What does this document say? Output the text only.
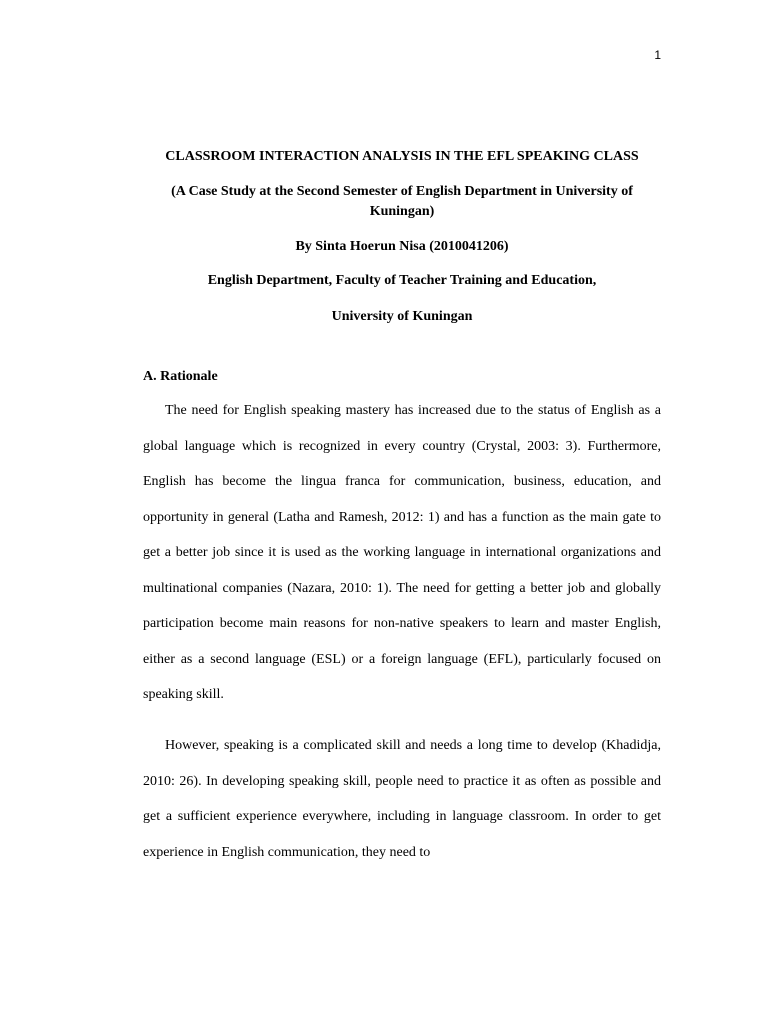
1

CLASSROOM INTERACTION ANALYSIS IN THE EFL SPEAKING CLASS

(A Case Study at the Second Semester of English Department in University of Kuningan)

By Sinta Hoerun Nisa (2010041206)

English Department, Faculty of Teacher Training and Education,

University of Kuningan

A. Rationale

The need for English speaking mastery has increased due to the status of English as a global language which is recognized in every country (Crystal, 2003: 3). Furthermore, English has become the lingua franca for communication, business, education, and opportunity in general (Latha and Ramesh, 2012: 1) and has a function as the main gate to get a better job since it is used as the working language in international organizations and multinational companies (Nazara, 2010: 1). The need for getting a better job and globally participation become main reasons for non-native speakers to learn and master English, either as a second language (ESL) or a foreign language (EFL), particularly focused on speaking skill.

However, speaking is a complicated skill and needs a long time to develop (Khadidja, 2010: 26). In developing speaking skill, people need to practice it as often as possible and get a sufficient experience everywhere, including in language classroom. In order to get experience in English communication, they need to
